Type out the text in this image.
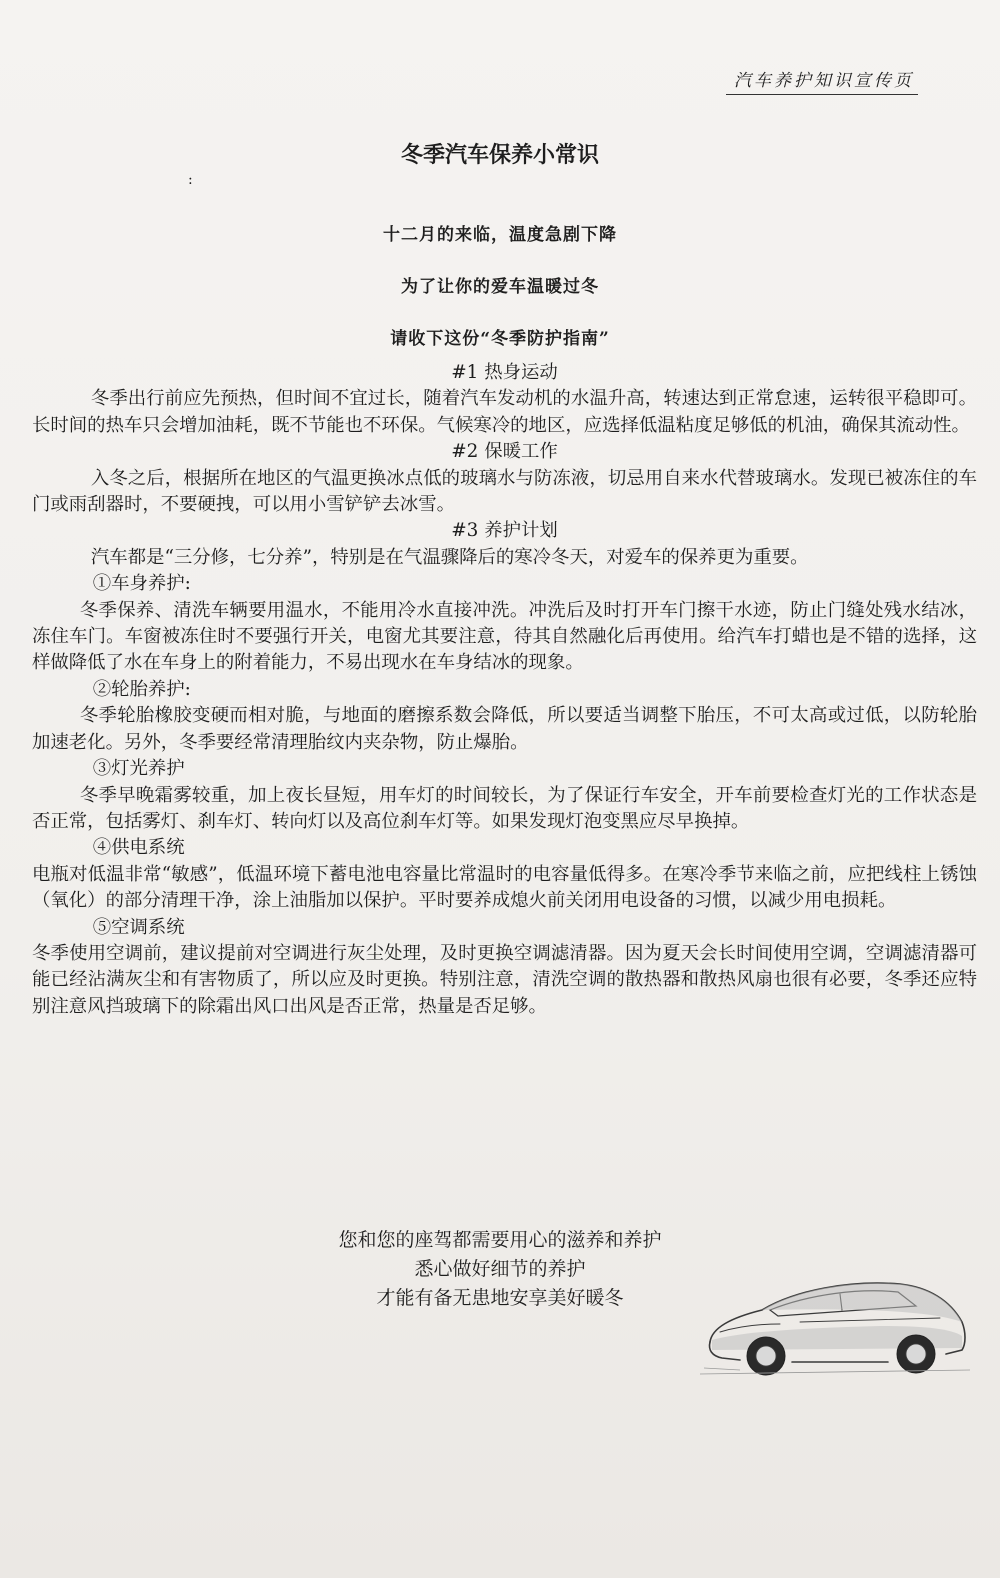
汽车养护知识宣传页
冬季汽车保养小常识
:
十二月的来临，温度急剧下降
为了让你的爱车温暖过冬
请收下这份“冬季防护指南”

#1 热身运动

冬季出行前应先预热，但时间不宜过长，随着汽车发动机的水温升高，转速达到正常怠速，运转很平稳即可。长时间的热车只会增加油耗，既不节能也不环保。气候寒冷的地区，应选择低温粘度足够低的机油，确保其流动性。

#2 保暖工作

入冬之后，根据所在地区的气温更换冰点低的玻璃水与防冻液，切忌用自来水代替玻璃水。发现已被冻住的车门或雨刮器时，不要硬拽，可以用小雪铲铲去冰雪。

#3 养护计划

汽车都是“三分修，七分养”，特别是在气温骤降后的寒冷冬天，对爱车的保养更为重要。

①车身养护:

冬季保养、清洗车辆要用温水，不能用冷水直接冲洗。冲洗后及时打开车门擦干水迹，防止门缝处残水结冰，冻住车门。车窗被冻住时不要强行开关，电窗尤其要注意，待其自然融化后再使用。给汽车打蜡也是不错的选择，这样做降低了水在车身上的附着能力，不易出现水在车身结冰的现象。

②轮胎养护:

冬季轮胎橡胶变硬而相对脆，与地面的磨擦系数会降低，所以要适当调整下胎压，不可太高或过低，以防轮胎加速老化。另外，冬季要经常清理胎纹内夹杂物，防止爆胎。

③灯光养护

冬季早晚霜雾较重，加上夜长昼短，用车灯的时间较长，为了保证行车安全，开车前要检查灯光的工作状态是否正常，包括雾灯、刹车灯、转向灯以及高位刹车灯等。如果发现灯泡变黑应尽早换掉。

④供电系统

电瓶对低温非常“敏感”，低温环境下蓄电池电容量比常温时的电容量低得多。在寒冷季节来临之前，应把线柱上锈蚀（氧化）的部分清理干净，涂上油脂加以保护。平时要养成熄火前关闭用电设备的习惯，以减少用电损耗。

⑤空调系统

冬季使用空调前，建议提前对空调进行灰尘处理，及时更换空调滤清器。因为夏天会长时间使用空调，空调滤清器可能已经沾满灰尘和有害物质了，所以应及时更换。特别注意，清洗空调的散热器和散热风扇也很有必要，冬季还应特别注意风挡玻璃下的除霜出风口出风是否正常，热量是否足够。

您和您的座驾都需要用心的滋养和养护
悉心做好细节的养护
才能有备无患地安享美好暖冬
